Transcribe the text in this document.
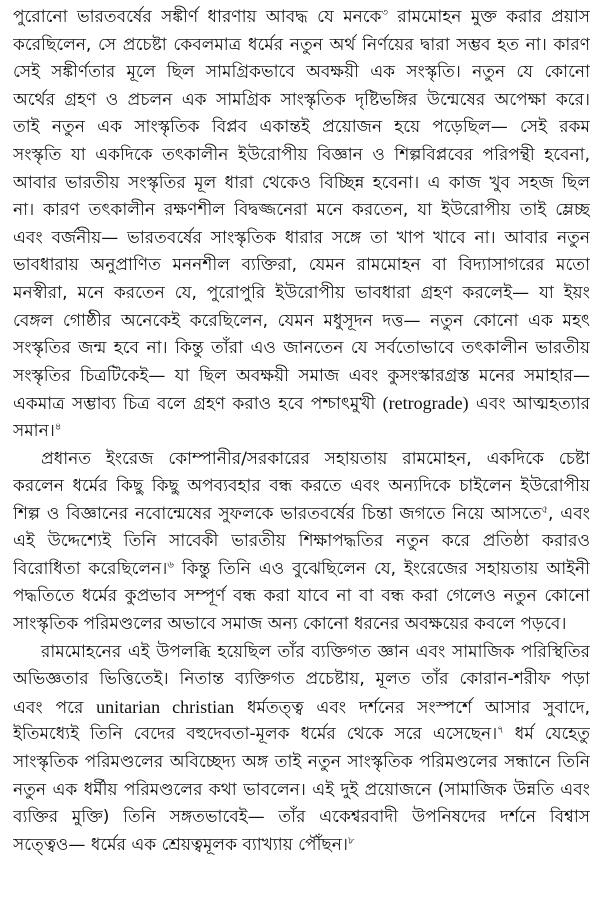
পুরোনো ভারতবর্ষের সঙ্কীর্ণ ধারণায় আবদ্ধ যে মনকে$^৩$ রামমোহন মুক্ত করার প্রয়াস
করেছিলেন, সে প্রচেষ্টা কেবলমাত্র ধর্মের নতুন অর্থ নির্ণয়ের দ্বারা সম্ভব হত না। কারণ
সেই সঙ্কীর্ণতার মূলে ছিল সামগ্রিকভাবে অবক্ষয়ী এক সংস্কৃতি। নতুন যে কোনো
অর্থের গ্রহণ ও প্রচলন এক সামগ্রিক সাংস্কৃতিক দৃষ্টিভঙ্গির উন্মেষের অপেক্ষা করে।
তাই নতুন এক সাংস্কৃতিক বিপ্লব একান্তই প্রয়োজন হয়ে পড়েছিল— সেই রকম
সংস্কৃতি যা একদিকে তৎকালীন ইউরোপীয় বিজ্ঞান ও শিল্পবিপ্লবের পরিপন্থী হবেনা,
আবার ভারতীয় সংস্কৃতির মূল ধারা থেকেও বিচ্ছিন্ন হবেনা। এ কাজ খুব সহজ ছিল
না। কারণ তৎকালীন রক্ষণশীল বিদ্বজ্জনেরা মনে করতেন, যা ইউরোপীয় তাই ম্লেচ্ছ
এবং বর্জনীয়— ভারতবর্ষের সাংস্কৃতিক ধারার সঙ্গে তা খাপ খাবে না। আবার নতুন
ভাবধারায় অনুপ্রাণিত মননশীল ব্যক্তিরা, যেমন রামমোহন বা বিদ্যাসাগরের মতো
মনস্বীরা, মনে করতেন যে, পুরোপুরি ইউরোপীয় ভাবধারা গ্রহণ করলেই— যা ইয়ং
বেঙ্গল গোষ্ঠীর অনেকেই করেছিলেন, যেমন মধুসূদন দত্ত— নতুন কোনো এক মহৎ
সংস্কৃতির জন্ম হবে না। কিন্তু তাঁরা এও জানতেন যে সর্বতোভাবে তৎকালীন ভারতীয়
সংস্কৃতির চিত্রটিকেই— যা ছিল অবক্ষয়ী সমাজ এবং কুসংস্কারগ্রস্ত মনের সমাহার—
একমাত্র সম্ভাব্য চিত্র বলে গ্রহণ করাও হবে পশ্চাৎমুখী (retrograde) এবং আত্মহত্যার
সমান।$^৪$
প্রধানত ইংরেজ কোম্পানীর/সরকারের সহায়তায় রামমোহন, একদিকে চেষ্টা
করলেন ধর্মের কিছু কিছু অপব্যবহার বন্ধ করতে এবং অন্যদিকে চাইলেন ইউরোপীয়
শিল্প ও বিজ্ঞানের নবোন্মেষের সুফলকে ভারতবর্ষের চিন্তা জগতে নিয়ে আসতে$^৫$, এবং
এই উদ্দেশ্যেই তিনি সাবেকী ভারতীয় শিক্ষাপদ্ধতির নতুন করে প্রতিষ্ঠা করারও
বিরোধিতা করেছিলেন।$^৬$ কিন্তু তিনি এও বুঝেছিলেন যে, ইংরেজের সহায়তায় আইনী
পদ্ধতিতে ধর্মের কুপ্রভাব সম্পূর্ণ বন্ধ করা যাবে না বা বন্ধ করা গেলেও নতুন কোনো
সাংস্কৃতিক পরিমণ্ডলের অভাবে সমাজ অন্য কোনো ধরনের অবক্ষয়ের কবলে পড়বে।
রামমোহনের এই উপলব্ধি হয়েছিল তাঁর ব্যক্তিগত জ্ঞান এবং সামাজিক পরিস্থিতির
অভিজ্ঞতার ভিত্তিতেই। নিতান্ত ব্যক্তিগত প্রচেষ্টায়, মূলত তাঁর কোরান-শরীফ পড়া
এবং পরে unitarian christian ধর্মতত্ত্ব এবং দর্শনের সংস্পর্শে আসার সুবাদে,
ইতিমধ্যেই তিনি বেদের বহুদেবতা-মূলক ধর্মের থেকে সরে এসেছেন।$^৭$ ধর্ম যেহেতু
সাংস্কৃতিক পরিমণ্ডলের অবিচ্ছেদ্য অঙ্গ তাই নতুন সাংস্কৃতিক পরিমণ্ডলের সন্ধানে তিনি
নতুন এক ধর্মীয় পরিমণ্ডলের কথা ভাবলেন। এই দুই প্রয়োজনে (সামাজিক উন্নতি এবং
ব্যক্তির মুক্তি) তিনি সঙ্গতভাবেই— তাঁর একেশ্বরবাদী উপনিষদের দর্শনে বিশ্বাস
সত্ত্বেও— ধর্মের এক শ্রেয়ত্বমূলক ব্যাখ্যায় পৌঁছন।$^৮$
